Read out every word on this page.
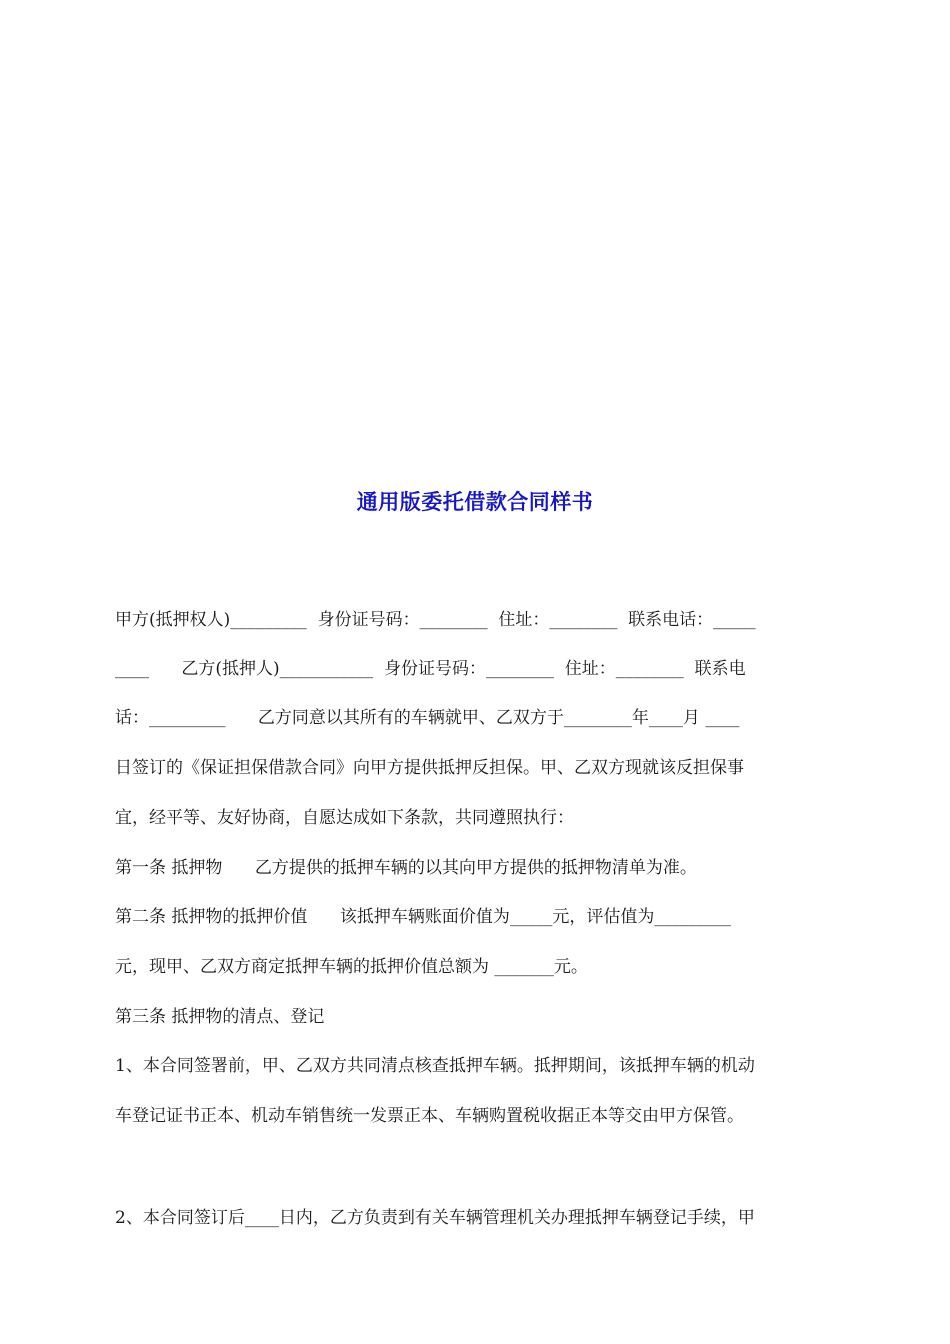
通用版委托借款合同样书
甲方(抵押权人)_________  身份证号码：________  住址：________  联系电话：_____
____      乙方(抵押人)___________  身份证号码：________  住址：________  联系电
话：_________      乙方同意以其所有的车辆就甲、乙双方于________年____月 ____
日签订的《保证担保借款合同》向甲方提供抵押反担保。甲、乙双方现就该反担保事
宜，经平等、友好协商，自愿达成如下条款，共同遵照执行：
第一条 抵押物      乙方提供的抵押车辆的以其向甲方提供的抵押物清单为准。
第二条 抵押物的抵押价值      该抵押车辆账面价值为_____元，评估值为_________
元，现甲、乙双方商定抵押车辆的抵押价值总额为 _______元。
第三条 抵押物的清点、登记
1、本合同签署前，甲、乙双方共同清点核查抵押车辆。抵押期间，该抵押车辆的机动
车登记证书正本、机动车销售统一发票正本、车辆购置税收据正本等交由甲方保管。
2、本合同签订后____日内，乙方负责到有关车辆管理机关办理抵押车辆登记手续，甲
